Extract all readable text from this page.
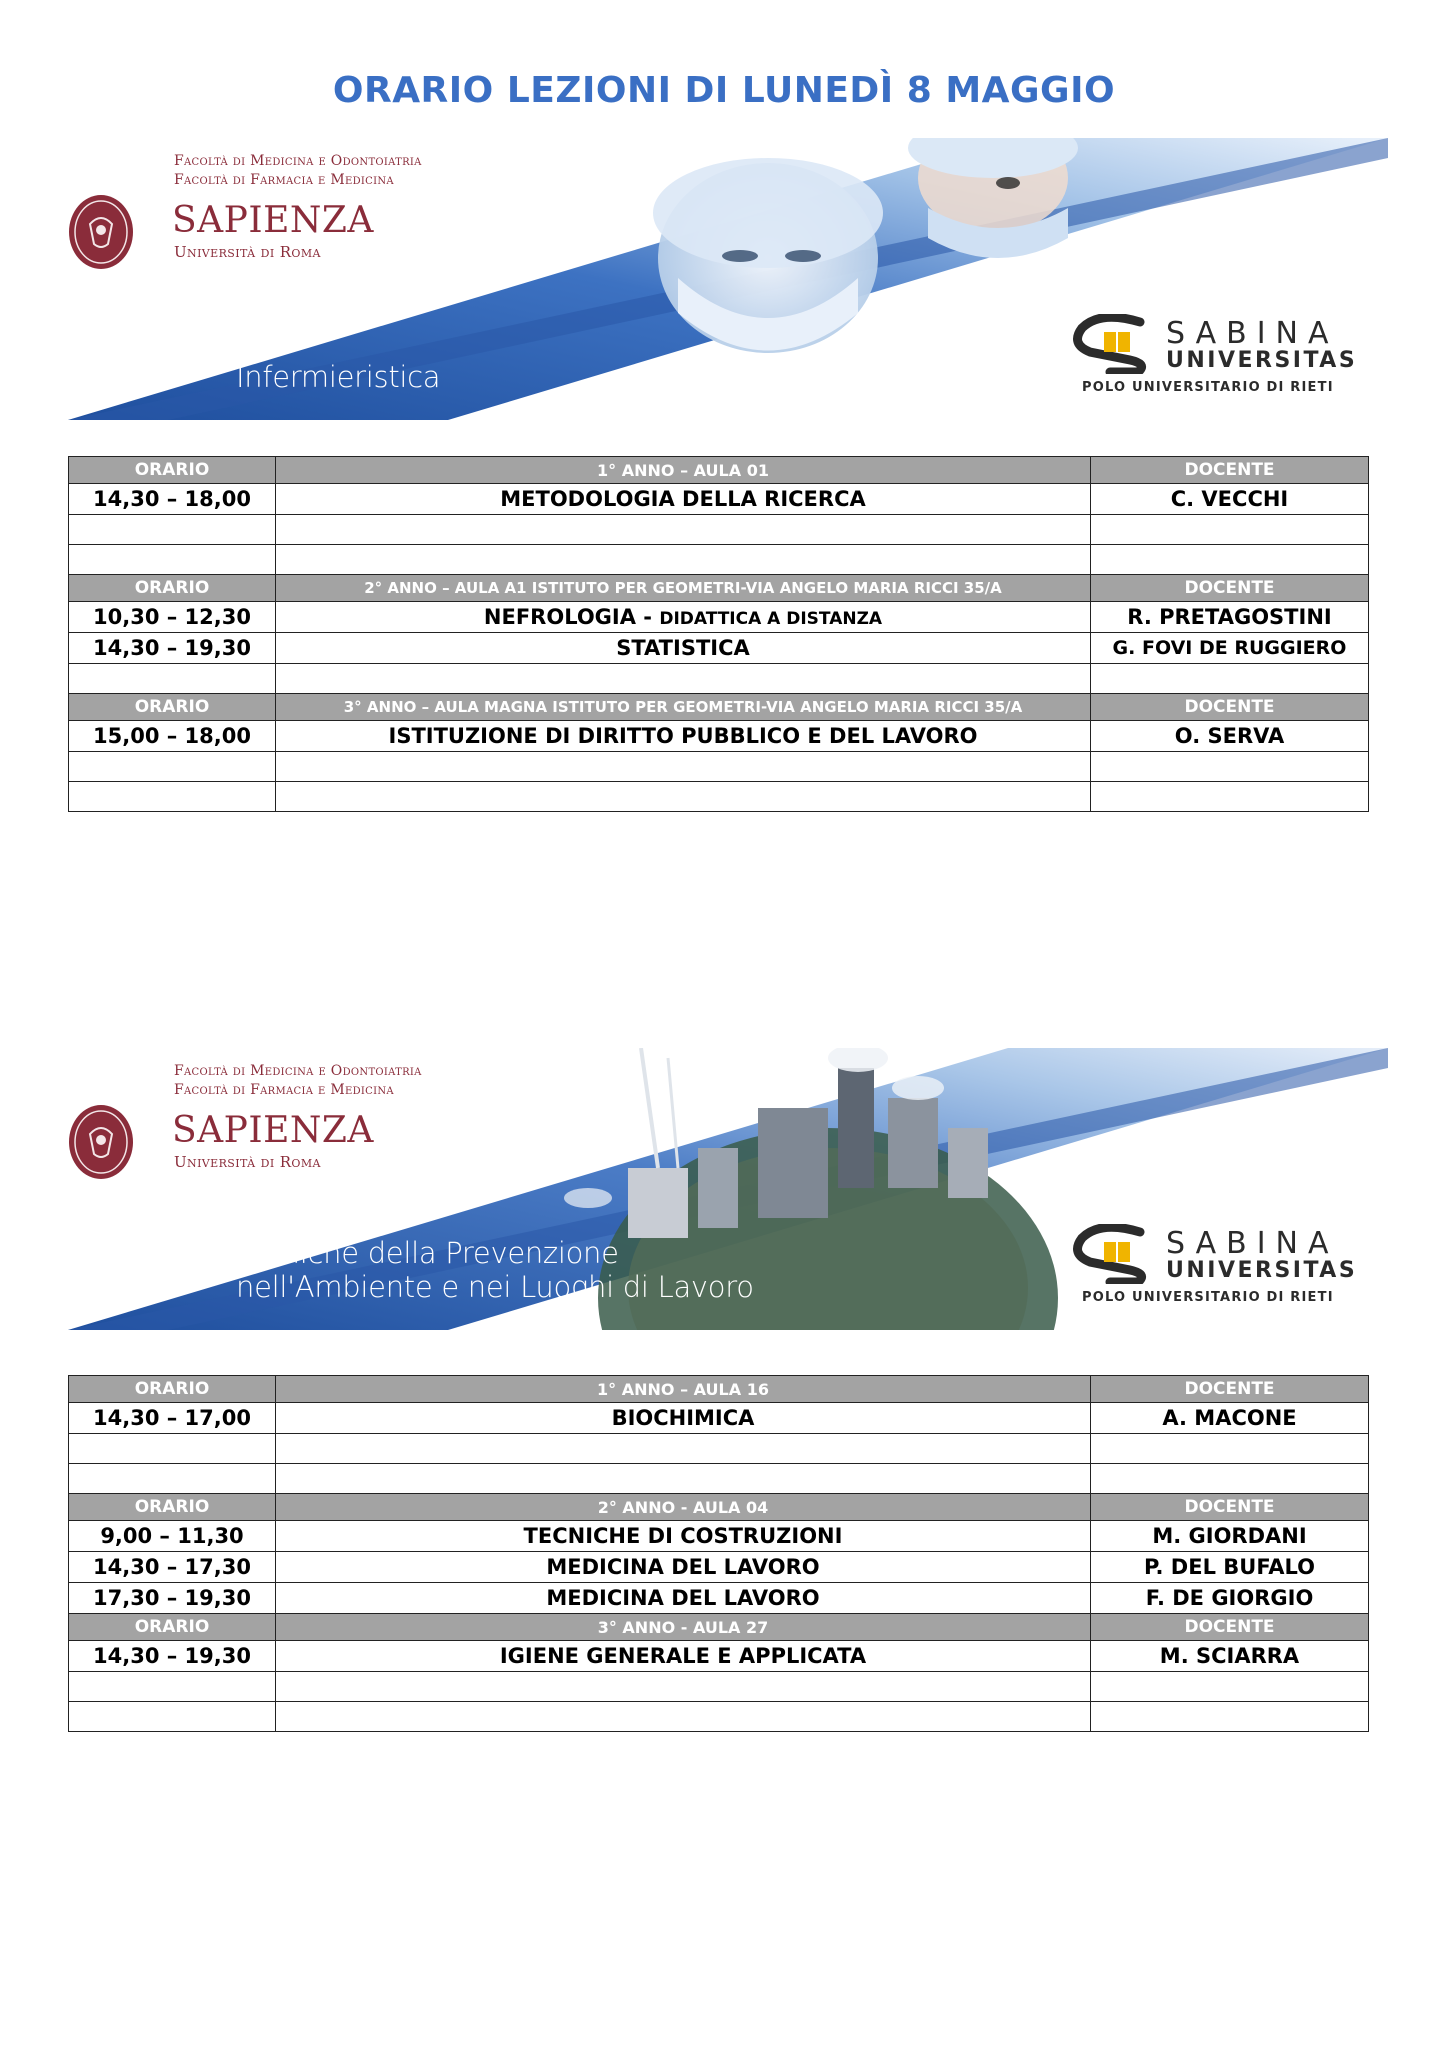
ORARIO LEZIONI DI LUNEDÌ 8 MAGGIO
Facoltà di Medicina e Odontoiatria
Facoltà di Farmacia e Medicina
SAPIENZA
Università di Roma
Infermieristica
SABINA
UNIVERSITAS
POLO UNIVERSITARIO DI RIETI
ORARIO	1° ANNO – AULA 01	DOCENTE
14,30 – 18,00	METODOLOGIA DELLA RICERCA	C. VECCHI

ORARIO	2° ANNO – AULA A1 ISTITUTO PER GEOMETRI-VIA ANGELO MARIA RICCI 35/A	DOCENTE
10,30 – 12,30	NEFROLOGIA - DIDATTICA A DISTANZA	R. PRETAGOSTINI
14,30 – 19,30	STATISTICA	G. FOVI DE RUGGIERO

ORARIO	3° ANNO – AULA MAGNA ISTITUTO PER GEOMETRI-VIA ANGELO MARIA RICCI 35/A	DOCENTE
15,00 – 18,00	ISTITUZIONE DI DIRITTO PUBBLICO E DEL LAVORO	O. SERVA

Facoltà di Medicina e Odontoiatria
Facoltà di Farmacia e Medicina
SAPIENZA
Università di Roma
Tecniche della Prevenzione
nell'Ambiente e nei Luoghi di Lavoro
SABINA
UNIVERSITAS
POLO UNIVERSITARIO DI RIETI
ORARIO	1° ANNO – AULA 16	DOCENTE
14,30 – 17,00	BIOCHIMICA	A. MACONE

ORARIO	2° ANNO - AULA 04	DOCENTE
9,00 – 11,30	TECNICHE DI COSTRUZIONI	M. GIORDANI
14,30 – 17,30	MEDICINA DEL LAVORO	P. DEL BUFALO
17,30 – 19,30	MEDICINA DEL LAVORO	F. DE GIORGIO
ORARIO	3° ANNO - AULA 27	DOCENTE
14,30 – 19,30	IGIENE GENERALE E APPLICATA	M. SCIARRA
